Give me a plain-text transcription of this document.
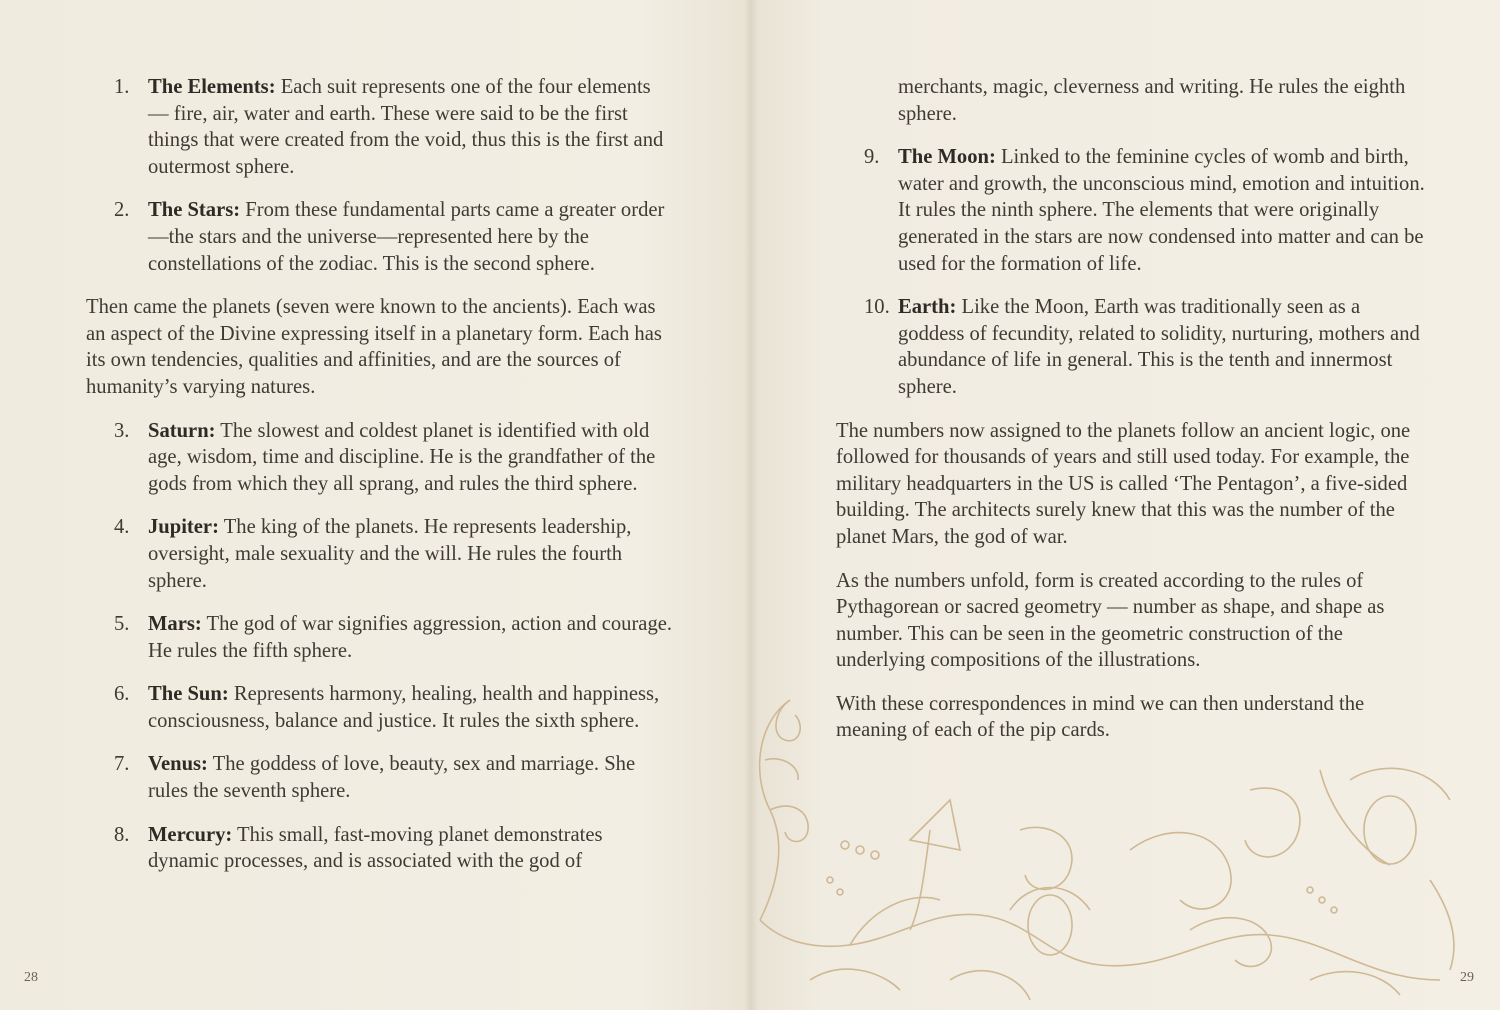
1. The Elements: Each suit represents one of the four elements — fire, air, water and earth. These were said to be the first things that were created from the void, thus this is the first and outermost sphere.
2. The Stars: From these fundamental parts came a greater order—the stars and the universe—represented here by the constellations of the zodiac. This is the second sphere.

Then came the planets (seven were known to the ancients). Each was an aspect of the Divine expressing itself in a planetary form. Each has its own tendencies, qualities and affinities, and are the sources of humanity’s varying natures.

3. Saturn: The slowest and coldest planet is identified with old age, wisdom, time and discipline. He is the grandfather of the gods from which they all sprang, and rules the third sphere.
4. Jupiter: The king of the planets. He represents leadership, oversight, male sexuality and the will. He rules the fourth sphere.
5. Mars: The god of war signifies aggression, action and courage. He rules the fifth sphere.
6. The Sun: Represents harmony, healing, health and happiness, consciousness, balance and justice. It rules the sixth sphere.
7. Venus: The goddess of love, beauty, sex and marriage. She rules the seventh sphere.
8. Mercury: This small, fast-moving planet demonstrates dynamic processes, and is associated with the god of
28

merchants, magic, cleverness and writing. He rules the eighth sphere.

9. The Moon: Linked to the feminine cycles of womb and birth, water and growth, the unconscious mind, emotion and intuition. It rules the ninth sphere. The elements that were originally generated in the stars are now condensed into matter and can be used for the formation of life.
10. Earth: Like the Moon, Earth was traditionally seen as a goddess of fecundity, related to solidity, nurturing, mothers and abundance of life in general. This is the tenth and innermost sphere.

The numbers now assigned to the planets follow an ancient logic, one followed for thousands of years and still used today. For example, the military headquarters in the US is called ‘The Pentagon’, a five-sided building. The architects surely knew that this was the number of the planet Mars, the god of war.

As the numbers unfold, form is created according to the rules of Pythagorean or sacred geometry — number as shape, and shape as number. This can be seen in the geometric construction of the underlying compositions of the illustrations.

With these correspondences in mind we can then understand the meaning of each of the pip cards.

29
